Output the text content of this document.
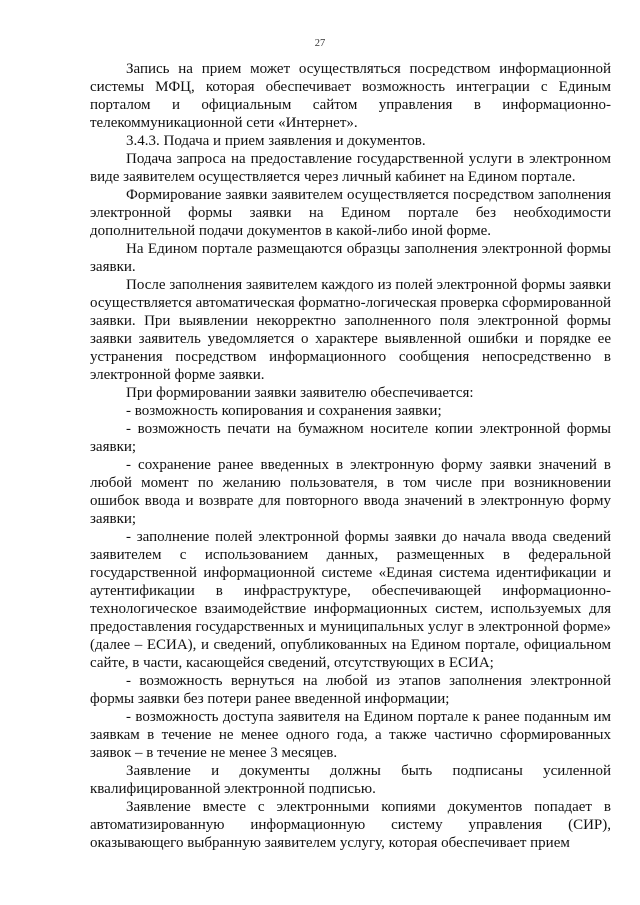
27

Запись на прием может осуществляться посредством информационной системы МФЦ, которая обеспечивает возможность интеграции с Единым порталом и официальным сайтом управления в информационно-телекоммуникационной сети «Интернет».

3.4.3. Подача и прием заявления и документов.

Подача запроса на предоставление государственной услуги в электронном виде заявителем осуществляется через личный кабинет на Едином портале.

Формирование заявки заявителем осуществляется посредством заполнения электронной формы заявки на Едином портале без необходимости дополнительной подачи документов в какой-либо иной форме.

На Едином портале размещаются образцы заполнения электронной формы заявки.

После заполнения заявителем каждого из полей электронной формы заявки осуществляется автоматическая форматно-логическая проверка сформированной заявки. При выявлении некорректно заполненного поля электронной формы заявки заявитель уведомляется о характере выявленной ошибки и порядке ее устранения посредством информационного сообщения непосредственно в электронной форме заявки.

При формировании заявки заявителю обеспечивается:

- возможность копирования и сохранения заявки;

- возможность печати на бумажном носителе копии электронной формы заявки;

- сохранение ранее введенных в электронную форму заявки значений в любой момент по желанию пользователя, в том числе при возникновении ошибок ввода и возврате для повторного ввода значений в электронную форму заявки;

- заполнение полей электронной формы заявки до начала ввода сведений заявителем с использованием данных, размещенных в федеральной государственной информационной системе «Единая система идентификации и аутентификации в инфраструктуре, обеспечивающей информационно-технологическое взаимодействие информационных систем, используемых для предоставления государственных и муниципальных услуг в электронной форме» (далее – ЕСИА), и сведений, опубликованных на Едином портале, официальном сайте, в части, касающейся сведений, отсутствующих в ЕСИА;

- возможность вернуться на любой из этапов заполнения электронной формы заявки без потери ранее введенной информации;

- возможность доступа заявителя на Едином портале к ранее поданным им заявкам в течение не менее одного года, а также частично сформированных заявок – в течение не менее 3 месяцев.

Заявление и документы должны быть подписаны усиленной квалифицированной электронной подписью.

Заявление вместе с электронными копиями документов попадает в автоматизированную информационную систему управления (СИР), оказывающего выбранную заявителем услугу, которая обеспечивает прием
